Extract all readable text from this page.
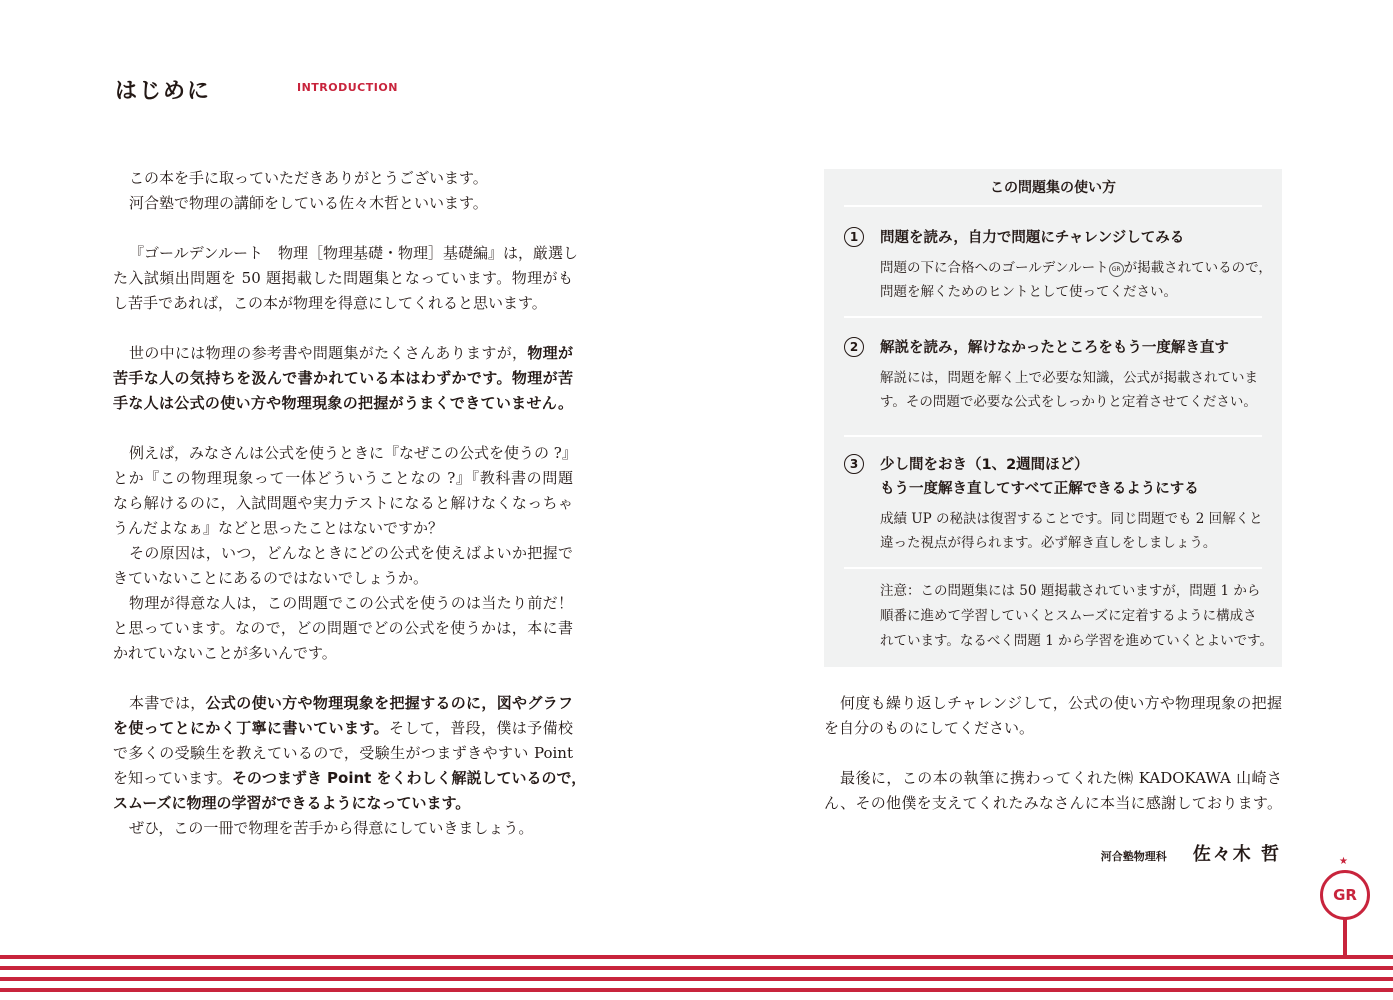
はじめに	INTRODUCTION
この本を手に取っていただきありがとうございます。
河合塾で物理の講師をしている佐々木哲といいます。
『ゴールデンルート　物理［物理基礎・物理］基礎編』は，厳選し
た入試頻出問題を 50 題掲載した問題集となっています。物理がも
し苦手であれば，この本が物理を得意にしてくれると思います。
世の中には物理の参考書や問題集がたくさんありますが，物理が
苦手な人の気持ちを汲んで書かれている本はわずかです。物理が苦
手な人は公式の使い方や物理現象の把握がうまくできていません。
例えば，みなさんは公式を使うときに『なぜこの公式を使うの ?』
とか『この物理現象って一体どういうことなの ?』『教科書の問題
なら解けるのに，入試問題や実力テストになると解けなくなっちゃ
うんだよなぁ』などと思ったことはないですか？
その原因は，いつ，どんなときにどの公式を使えばよいか把握で
きていないことにあるのではないでしょうか。
物理が得意な人は，この問題でこの公式を使うのは当たり前だ！
と思っています。なので，どの問題でどの公式を使うかは，本に書
かれていないことが多いんです。
本書では，公式の使い方や物理現象を把握するのに，図やグラフ
を使ってとにかく丁寧に書いています。そして，普段，僕は予備校
で多くの受験生を教えているので，受験生がつまずきやすい Point
を知っています。そのつまずき Point をくわしく解説しているので，
スムーズに物理の学習ができるようになっています。
ぜひ，この一冊で物理を苦手から得意にしていきましょう。
この問題集の使い方
1	問題を読み，自力で問題にチャレンジしてみる
問題の下に合格へのゴールデンルート GR が掲載されているので，
問題を解くためのヒントとして使ってください。
2	解説を読み，解けなかったところをもう一度解き直す
解説には，問題を解く上で必要な知識，公式が掲載されていま
す。その問題で必要な公式をしっかりと定着させてください。
3	少し間をおき（1、2週間ほど）
もう一度解き直してすべて正解できるようにする
成績 UP の秘訣は復習することです。同じ問題でも 2 回解くと
違った視点が得られます。必ず解き直しをしましょう。
注意：この問題集には 50 題掲載されていますが，問題 1 から
順番に進めて学習していくとスムーズに定着するように構成さ
れています。なるべく問題 1 から学習を進めていくとよいです。
何度も繰り返しチャレンジして，公式の使い方や物理現象の把握
を自分のものにしてください。
最後に，この本の執筆に携わってくれた㈱ KADOKAWA 山崎さ
ん、その他僕を支えてくれたみなさんに本当に感謝しております。
河合塾物理科 佐々木 哲	★
GR
